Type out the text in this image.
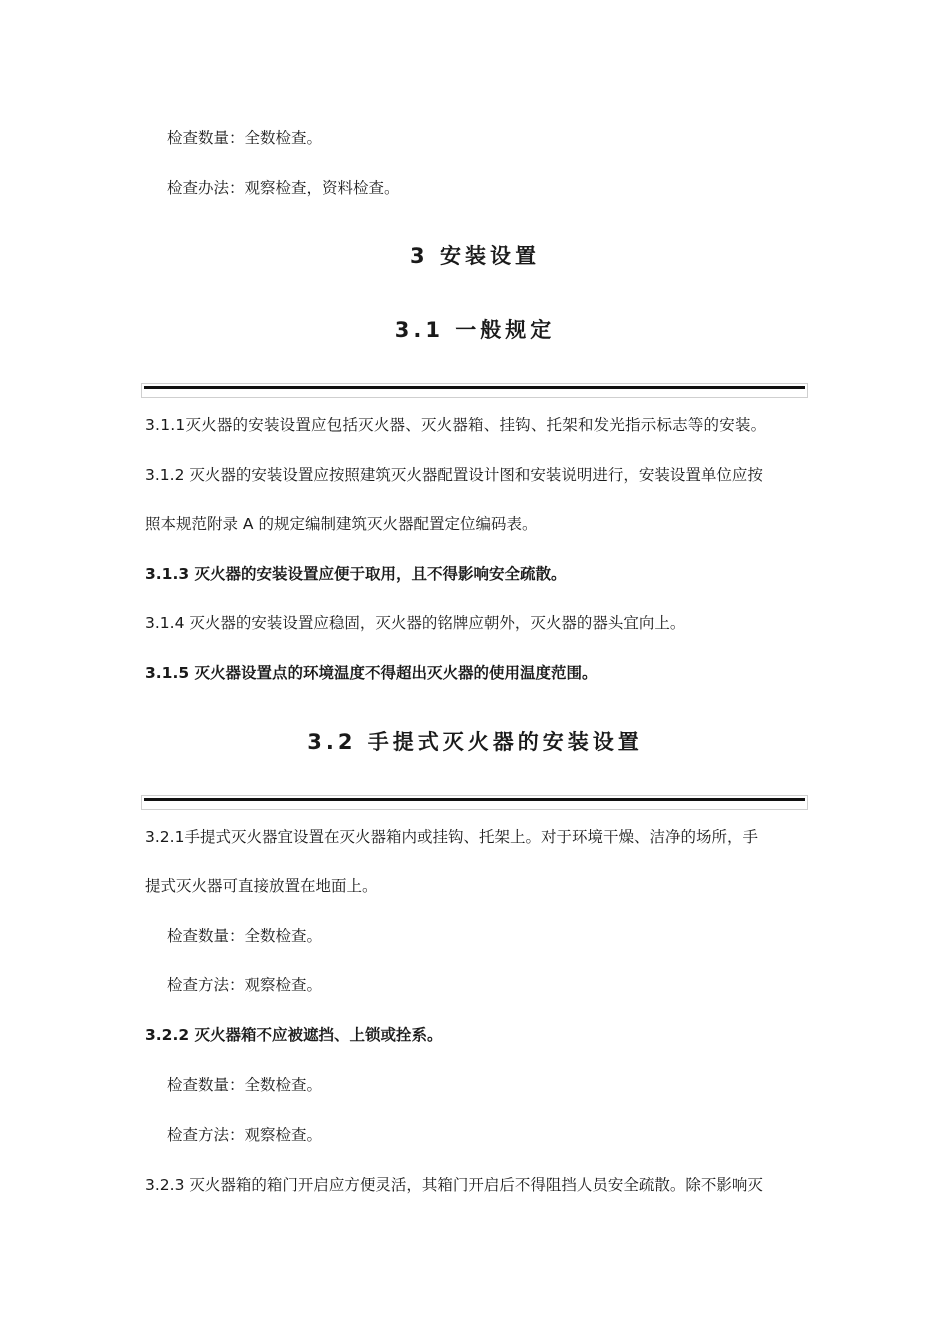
检查数量：全数检查。
检查办法：观察检查，资料检查。
3 安装设置
3.1 一般规定
3.1.1灭火器的安装设置应包括灭火器、灭火器箱、挂钩、托架和发光指示标志等的安装。
3.1.2 灭火器的安装设置应按照建筑灭火器配置设计图和安装说明进行，安装设置单位应按
照本规范附录 A 的规定编制建筑灭火器配置定位编码表。
3.1.3 灭火器的安装设置应便于取用，且不得影响安全疏散。
3.1.4 灭火器的安装设置应稳固，灭火器的铭牌应朝外，灭火器的器头宜向上。
3.1.5 灭火器设置点的环境温度不得超出灭火器的使用温度范围。
3.2 手提式灭火器的安装设置
3.2.1手提式灭火器宜设置在灭火器箱内或挂钩、托架上。对于环境干燥、洁净的场所，手
提式灭火器可直接放置在地面上。
检查数量：全数检查。
检查方法：观察检查。
3.2.2 灭火器箱不应被遮挡、上锁或拴系。
检查数量：全数检查。
检查方法：观察检查。
3.2.3 灭火器箱的箱门开启应方便灵活，其箱门开启后不得阻挡人员安全疏散。除不影响灭
